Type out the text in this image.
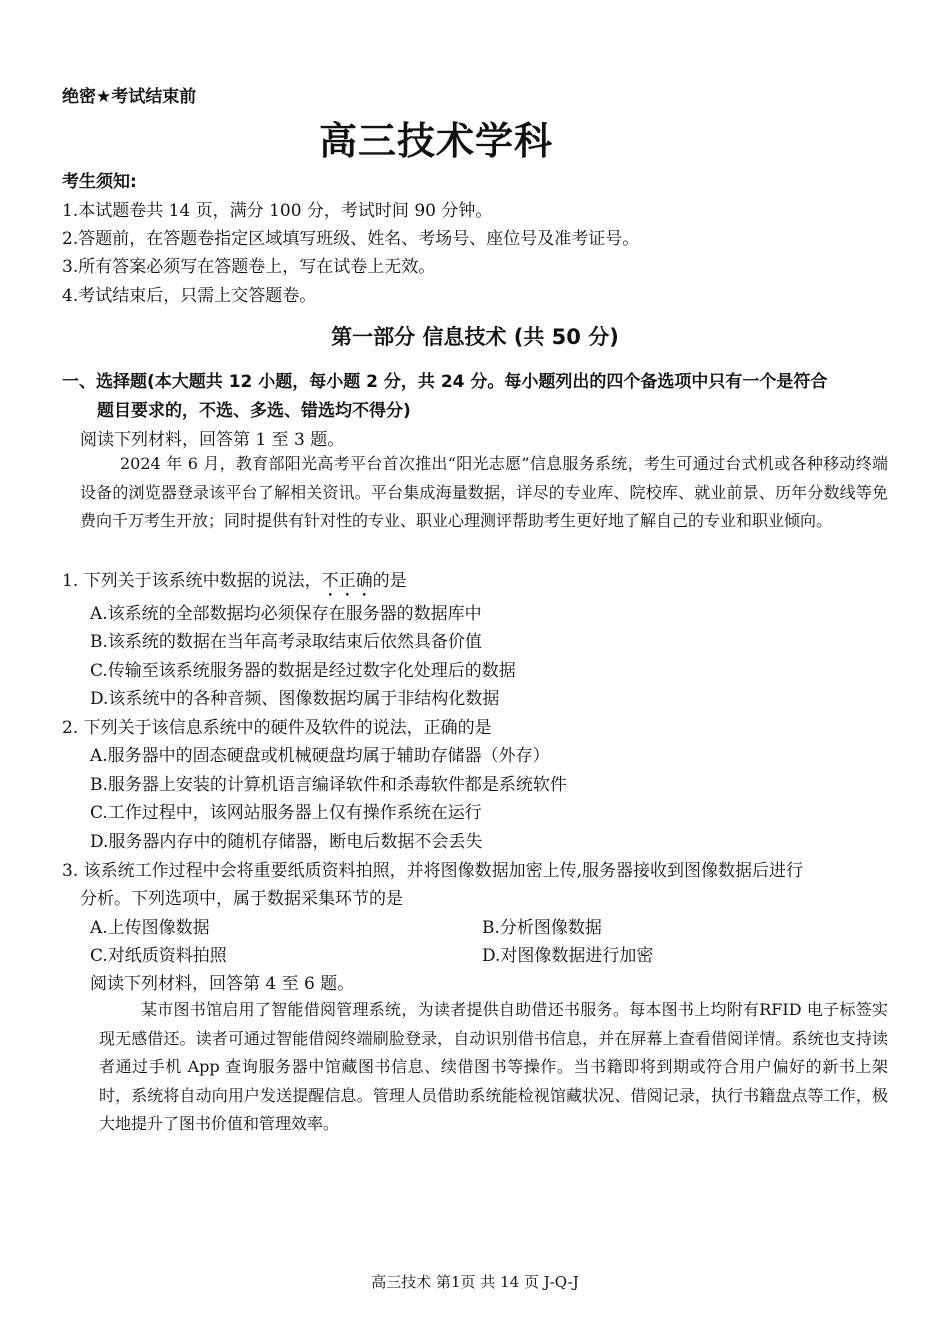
绝密★考试结束前
高三技术学科
考生须知:
1.本试题卷共 14 页，满分 100 分，考试时间 90 分钟。
2.答题前，在答题卷指定区域填写班级、姓名、考场号、座位号及准考证号。
3.所有答案必须写在答题卷上，写在试卷上无效。
4.考试结束后，只需上交答题卷。
第一部分 信息技术 (共 50 分)
一、选择题(本大题共 12 小题，每小题 2 分，共 24 分。每小题列出的四个备选项中只有一个是符合
题目要求的，不选、多选、错选均不得分)
阅读下列材料，回答第 1 至 3 题。
2024 年 6 月，教育部阳光高考平台首次推出“阳光志愿”信息服务系统，考生可通过台式机或各种移动终端设备的浏览器登录该平台了解相关资讯。平台集成海量数据，详尽的专业库、院校库、就业前景、历年分数线等免费向千万考生开放；同时提供有针对性的专业、职业心理测评帮助考生更好地了解自己的专业和职业倾向。
1. 下列关于该系统中数据的说法，不正确的是
A.该系统的全部数据均必须保存在服务器的数据库中
B.该系统的数据在当年高考录取结束后依然具备价值
C.传输至该系统服务器的数据是经过数字化处理后的数据
D.该系统中的各种音频、图像数据均属于非结构化数据
2. 下列关于该信息系统中的硬件及软件的说法，正确的是
A.服务器中的固态硬盘或机械硬盘均属于辅助存储器（外存）
B.服务器上安装的计算机语言编译软件和杀毒软件都是系统软件
C.工作过程中，该网站服务器上仅有操作系统在运行
D.服务器内存中的随机存储器，断电后数据不会丢失
3. 该系统工作过程中会将重要纸质资料拍照，并将图像数据加密上传,服务器接收到图像数据后进行
分析。下列选项中，属于数据采集环节的是
A.上传图像数据	B.分析图像数据
C.对纸质资料拍照	D.对图像数据进行加密
阅读下列材料，回答第 4 至 6 题。
某市图书馆启用了智能借阅管理系统，为读者提供自助借还书服务。每本图书上均附有RFID 电子标签实现无感借还。读者可通过智能借阅终端刷脸登录，自动识别借书信息，并在屏幕上查看借阅详情。系统也支持读者通过手机 App 查询服务器中馆藏图书信息、续借图书等操作。当书籍即将到期或符合用户偏好的新书上架时，系统将自动向用户发送提醒信息。管理人员借助系统能检视馆藏状况、借阅记录，执行书籍盘点等工作，极大地提升了图书价值和管理效率。
高三技术 第1页 共 14 页 J-Q-J
